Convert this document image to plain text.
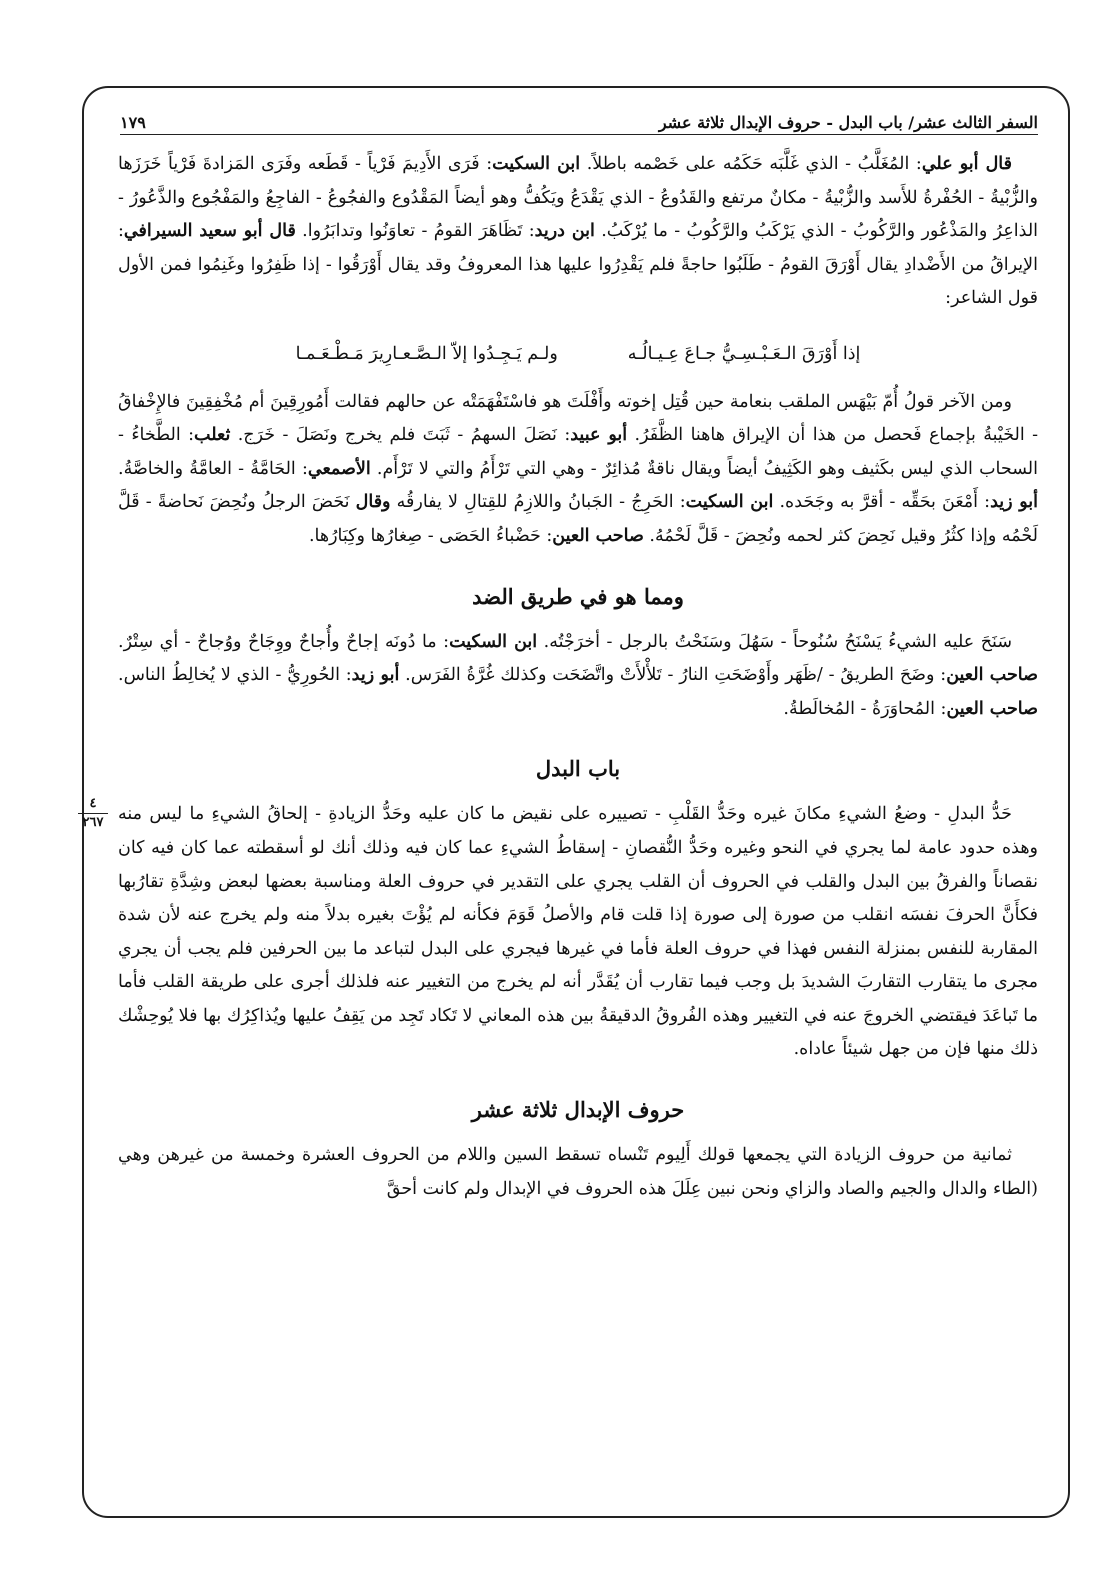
السفر الثالث عشر/ باب البدل - حروف الإبدال ثلاثة عشر
١٧٩
٤
٢٦٧

قال أبو علي: المُغَلَّبُ - الذي غَلَّبَه حَكَمُه على خَصْمه باطلاً. ابن السكيت: فَرَى الأَدِيمَ فَرْياً - قَطَعه وفَرَى المَزادةَ فَرْياً خَرَزَها والزُّبْيةُ - الحُفْرةُ للأَسد والزُّبْيةُ - مكانٌ مرتفع والقَدُوعُ - الذي يَقْدَعُ ويَكُفُّ وهو أيضاً المَقْدُوع والفجُوعُ - الفاجِعُ والمَفْجُوع والذَّعُورُ - الذاعِرُ والمَذْعُور والرَّكُوبُ - الذي يَرْكَبُ والرَّكُوبُ - ما يُرْكَبُ. ابن دريد: تَظَاهَرَ القومُ - تعاوَنُوا وتدابَرُوا. قال أبو سعيد السيرافي: الإيراقُ من الأَضْدادِ يقال أَوْرَقَ القومُ - طَلَبُوا حاجةً فلم يَقْدِرُوا عليها هذا المعروفُ وقد يقال أَوْرَقُوا - إذا ظَفِرُوا وغَنِمُوا فمن الأول قول الشاعر:

إذا أَوْرَقَ الـعَـبْـسِـيُّ جـاعَ عِـيـالُـه
ولـم يَـجِـدُوا إلاّ الـصَّـعـارِيرَ مَـطْـعَـمـا

ومن الآخر قولُ أُمّ بَيْهَس الملقب بنعامة حين قُتِل إخوته وأَفْلَتَ هو فاسْتَفْهَمَتْه عن حالهم فقالت أَمُورِقِينَ أم مُخْفِقِينَ فالإِخْفاقُ - الخَيْبةُ بإجماع فَحصل من هذا أن الإيراق هاهنا الظَّفَرُ. أبو عبيد: نَصَلَ السهمُ - ثَبَتَ فلم يخرج ونَصَلَ - خَرَج. ثعلب: الطَّخاءُ - السحاب الذي ليس بكَثيف وهو الكَثِيفُ أيضاً ويقال ناقةٌ مُذائِرٌ - وهي التي تَرْأَمُ والتي لا تَرْأَم. الأصمعي: الحَامَّةُ - العامَّةُ والخاصَّةُ. أبو زيد: أَمْعَنَ بحَقِّه - أقرَّ به وجَحَده. ابن السكيت: الحَرِجُ - الجَبانُ واللازِمُ للقِتالِ لا يفارقُه وقال نَحَضَ الرجلُ ونُحِضَ نَحاضةً - قَلَّ لَحْمُه وإذا كثُرُ وقيل نَحِضَ كثر لحمه ونُحِضَ - قَلَّ لَحْمُهُ. صاحب العين: حَضْباءُ الحَصَى - صِغارُها وكِبَارُها.

ومما هو في طريق الضد

سَنَحَ عليه الشيءُ يَسْنَحُ سُنُوحاً - سَهُلَ وسَنَحْتُ بالرجل - أخرَجْتُه. ابن السكيت: ما دُونَه إجاحٌ وأُجاحٌ ووِجَاحٌ ووُجاحٌ - أي سِتْرٌ. صاحب العين: وضَحَ الطريقُ - /ظَهَر وأَوْضَحَتِ النارُ - تَلأْلأَتْ واتَّضَحَت وكذلك غُرَّةُ الفَرَس. أبو زيد: الحُورِيُّ - الذي لا يُخالِطُ الناس. صاحب العين: المُحاوَرَةُ - المُخالَطةُ.

باب البدل

حَدُّ البدلِ - وضعُ الشيءِ مكانَ غيره وحَدُّ القَلْبِ - تصييره على نقيض ما كان عليه وحَدُّ الزيادةِ - إلحاقُ الشيءِ ما ليس منه وهذه حدود عامة لما يجري في النحو وغيره وحَدُّ النُّقصانِ - إسقاطُ الشيءِ عما كان فيه وذلك أنك لو أسقطته عما كان فيه كان نقصاناً والفرقُ بين البدل والقلب في الحروف أن القلب يجري على التقدير في حروف العلة ومناسبة بعضها لبعض وشِدَّةِ تقارُبها فكأَنَّ الحرفَ نفسَه انقلب من صورة إلى صورة إذا قلت قام والأصلُ قَوَمَ فكأنه لم يُؤْتَ بغيره بدلاً منه ولم يخرج عنه لأن شدة المقاربة للنفس بمنزلة النفس فهذا في حروف العلة فأما في غيرها فيجري على البدل لتباعد ما بين الحرفين فلم يجب أن يجري مجرى ما يتقارب التقاربَ الشديدَ بل وجب فيما تقارب أن يُقَدَّر أنه لم يخرج من التغيير عنه فلذلك أجرى على طريقة القلب فأما ما تَباعَدَ فيقتضي الخروجَ عنه في التغيير وهذه الفُروقُ الدقيقةُ بين هذه المعاني لا تَكاد تَجِد من يَقِفُ عليها ويُذاكِرُك بها فلا يُوحِشْك ذلك منها فإن من جهل شيئاً عاداه.

حروف الإبدال ثلاثة عشر

ثمانية من حروف الزيادة التي يجمعها قولك أَلِيوم تَنْساه تسقط السين واللام من الحروف العشرة وخمسة من غيرهن وهي (الطاء والدال والجيم والصاد والزاي ونحن نبين عِلَلَ هذه الحروف في الإبدال ولم كانت أحقَّ
